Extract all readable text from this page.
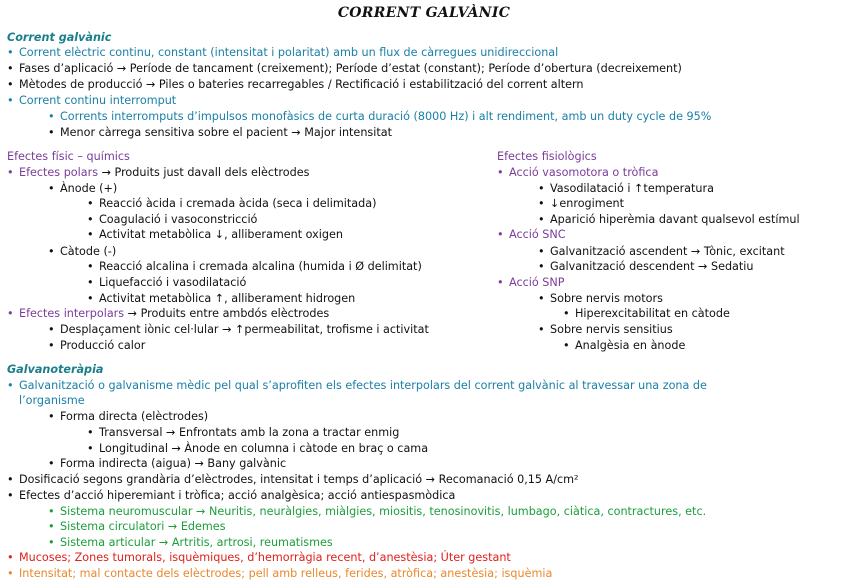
CORRENT GALVÀNIC
Corrent galvànic
• Corrent elèctric continu, constant (intensitat i polaritat) amb un flux de càrregues unidireccional
• Fases d’aplicació → Període de tancament (creixement); Període d’estat (constant); Període d’obertura (decreixement)
• Mètodes de producció → Piles o bateries recarregables / Rectificació i estabilització del corrent altern
• Corrent continu interromput
• Corrents interromputs d’impulsos monofàsics de curta duració (8000 Hz) i alt rendiment, amb un duty cycle de 95%
• Menor càrrega sensitiva sobre el pacient → Major intensitat
Efectes físic – químics
• Efectes polars → Produits just davall dels elèctrodes
• Ànode (+)
• Reacció àcida i cremada àcida (seca i delimitada)
• Coagulació i vasoconstricció
• Activitat metabòlica ↓, alliberament oxigen
• Càtode (-)
• Reacció alcalina i cremada alcalina (humida i Ø delimitat)
• Liquefacció i vasodilatació
• Activitat metabòlica ↑, alliberament hidrogen
• Efectes interpolars → Produits entre ambdós elèctrodes
• Desplaçament iònic cel·lular → ↑permeabilitat, trofisme i activitat
• Producció calor
Efectes fisiològics
• Acció vasomotora o tròfica
• Vasodilatació i ↑temperatura
• ↓enrogiment
• Aparició hiperèmia davant qualsevol estímul
• Acció SNC
• Galvanització ascendent → Tònic, excitant
• Galvanització descendent → Sedatiu
• Acció SNP
• Sobre nervis motors
• Hiperexcitabilitat en càtode
• Sobre nervis sensitius
• Analgèsia en ànode
Galvanoteràpia
• Galvanització o galvanisme mèdic pel qual s’aprofiten els efectes interpolars del corrent galvànic al travessar una zona de
l’organisme
• Forma directa (elèctrodes)
• Transversal → Enfrontats amb la zona a tractar enmig
• Longitudinal → Ànode en columna i càtode en braç o cama
• Forma indirecta (aigua) → Bany galvànic
• Dosificació segons grandària d’elèctrodes, intensitat i temps d’aplicació → Recomanació 0,15 A/cm²
• Efectes d’acció hiperemiant i tròfica; acció analgèsica; acció antiespasmòdica
• Sistema neuromuscular → Neuritis, neuràlgies, miàlgies, miositis, tenosinovitis, lumbago, ciàtica, contractures, etc.
• Sistema circulatori → Edemes
• Sistema articular → Artritis, artrosi, reumatismes
• Mucoses; Zones tumorals, isquèmiques, d’hemorràgia recent, d’anestèsia; Úter gestant
• Intensitat; mal contacte dels elèctrodes; pell amb relleus, ferides, atròfica; anestèsia; isquèmia
